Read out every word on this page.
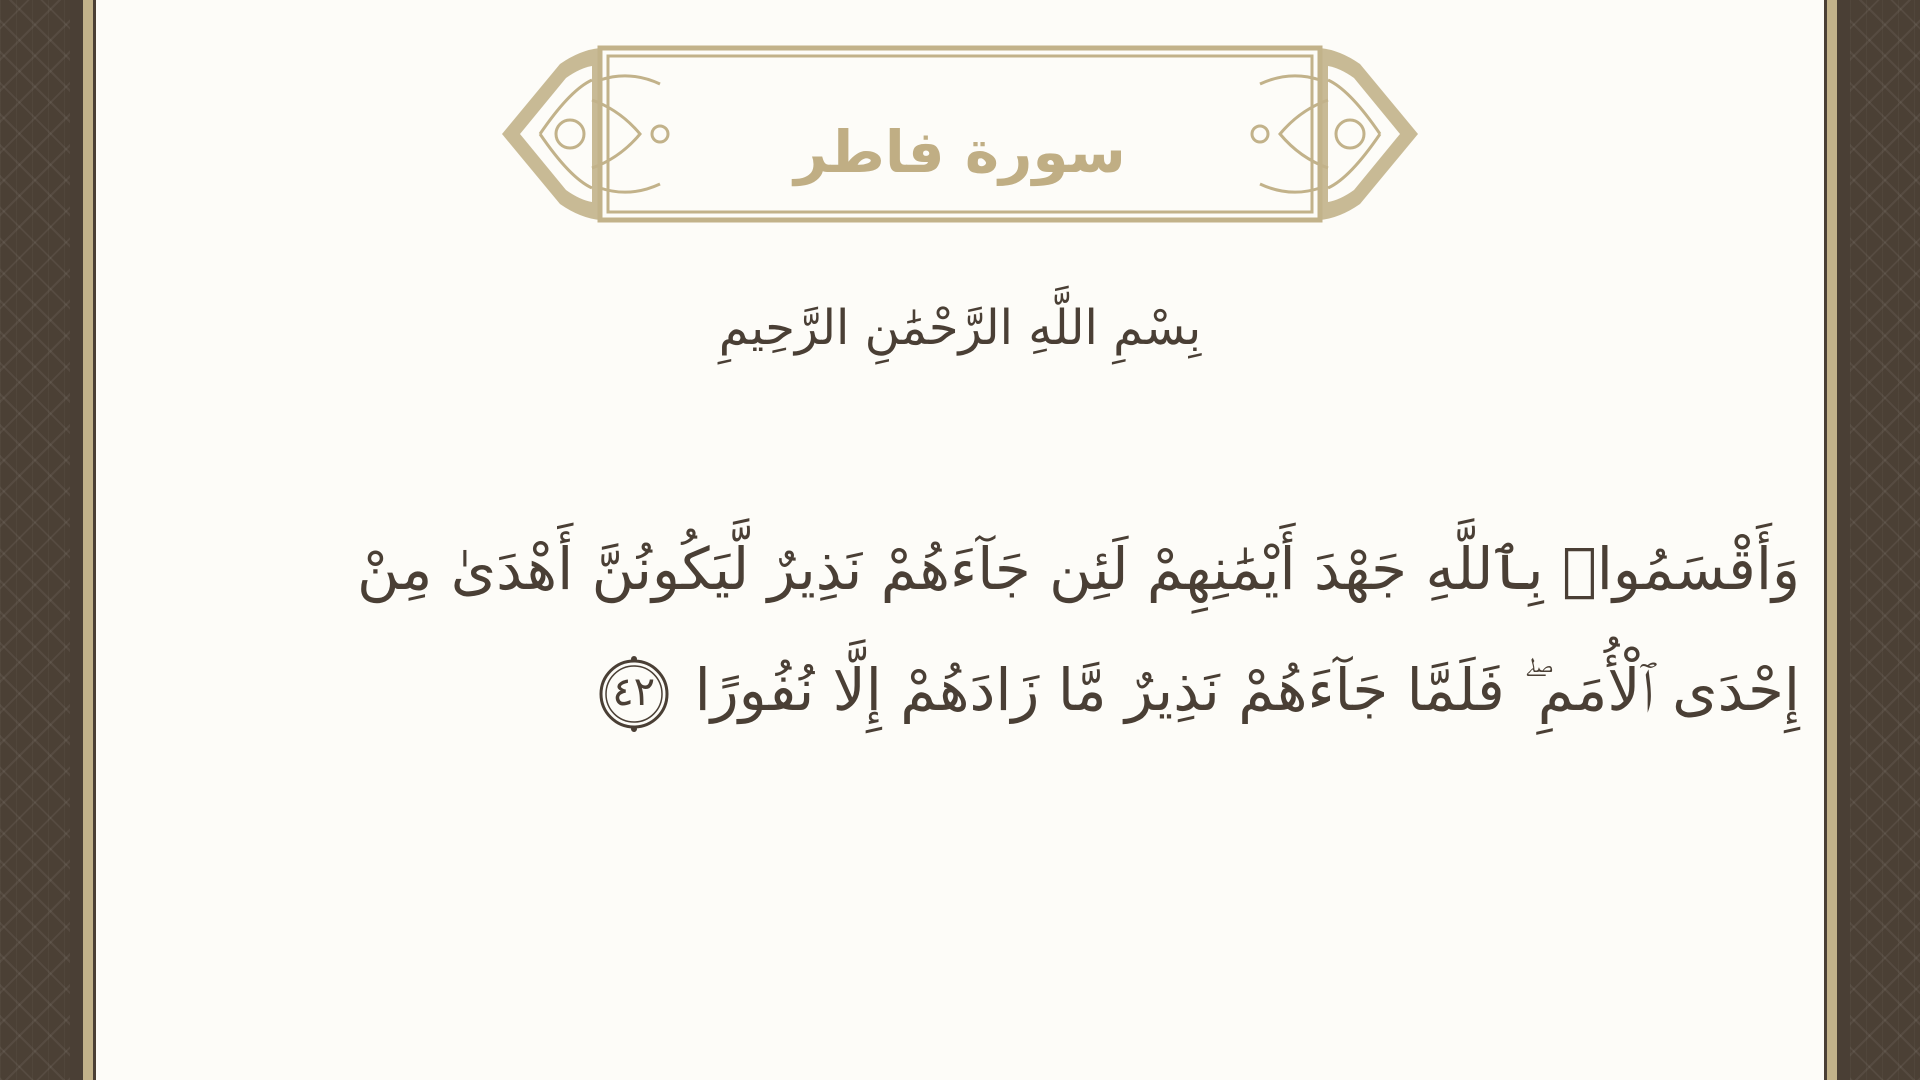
سورة فاطر
بِسْمِ اللَّهِ الرَّحْمَٰنِ الرَّحِيمِ
وَأَقْسَمُوا۟ بِٱللَّهِ جَهْدَ أَيْمَٰنِهِمْ لَئِن جَآءَهُمْ نَذِيرٌ لَّيَكُونُنَّ أَهْدَىٰ مِنْ
إِحْدَى ٱلْأُمَمِ ۖ فَلَمَّا جَآءَهُمْ نَذِيرٌ مَّا زَادَهُمْ إِلَّا نُفُورًا
٤٢
